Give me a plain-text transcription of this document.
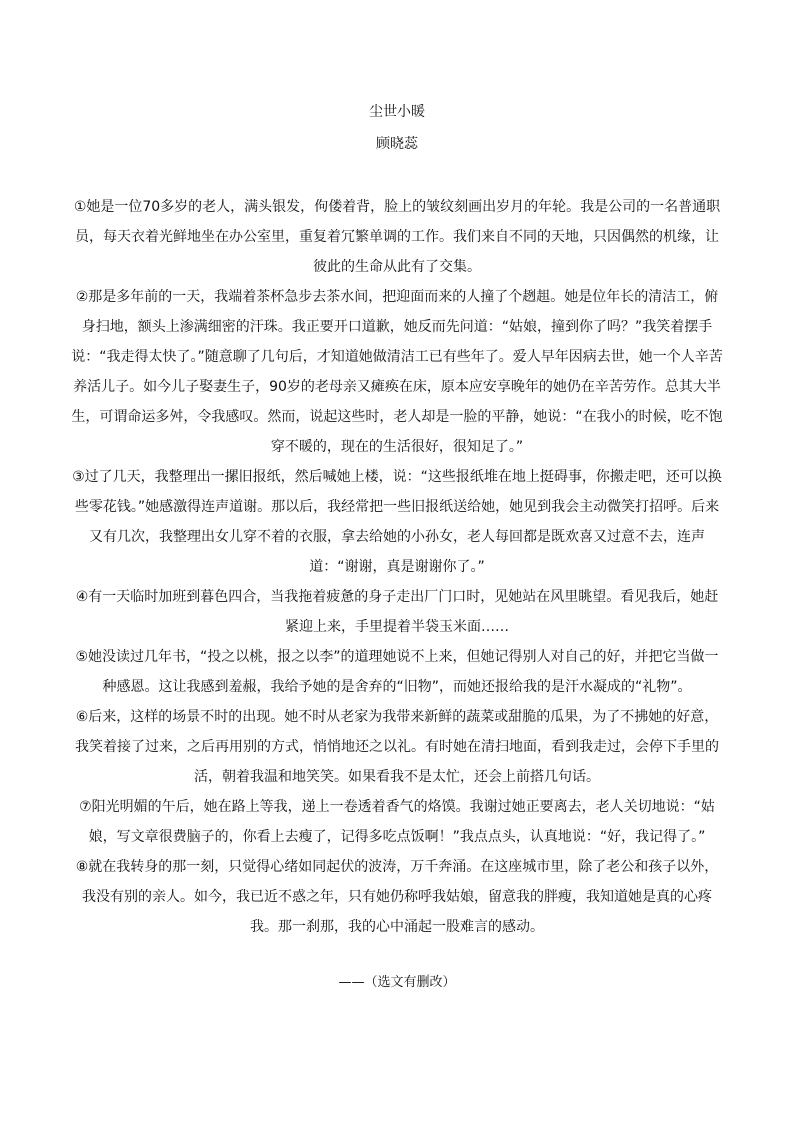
尘世小暖
顾晓蕊

①她是一位70多岁的老人，满头银发，佝偻着背，脸上的皱纹刻画出岁月的年轮。我是公司的一名普通职员，每天衣着光鲜地坐在办公室里，重复着冗繁单调的工作。我们来自不同的天地，只因偶然的机缘，让彼此的生命从此有了交集。

②那是多年前的一天，我端着茶杯急步去茶水间，把迎面而来的人撞了个趔趄。她是位年长的清洁工，俯身扫地，额头上渗满细密的汗珠。我正要开口道歉，她反而先问道：“姑娘，撞到你了吗？”我笑着摆手说：“我走得太快了。”随意聊了几句后，才知道她做清洁工已有些年了。爱人早年因病去世，她一个人辛苦养活儿子。如今儿子娶妻生子，90岁的老母亲又瘫痪在床，原本应安享晚年的她仍在辛苦劳作。总其大半生，可谓命运多舛，令我感叹。然而，说起这些时，老人却是一脸的平静，她说：“在我小的时候，吃不饱穿不暖的，现在的生活很好，很知足了。”

③过了几天，我整理出一摞旧报纸，然后喊她上楼，说：“这些报纸堆在地上挺碍事，你搬走吧，还可以换些零花钱。”她感激得连声道谢。那以后，我经常把一些旧报纸送给她，她见到我会主动微笑打招呼。后来又有几次，我整理出女儿穿不着的衣服，拿去给她的小孙女，老人每回都是既欢喜又过意不去，连声道：“谢谢，真是谢谢你了。”

④有一天临时加班到暮色四合，当我拖着疲惫的身子走出厂门口时，见她站在风里眺望。看见我后，她赶紧迎上来，手里提着半袋玉米面……

⑤她没读过几年书，“投之以桃，报之以李”的道理她说不上来，但她记得别人对自己的好，并把它当做一种感恩。这让我感到羞赧，我给予她的是舍弃的“旧物”，而她还报给我的是汗水凝成的“礼物”。

⑥后来，这样的场景不时的出现。她不时从老家为我带来新鲜的蔬菜或甜脆的瓜果，为了不拂她的好意，我笑着接了过来，之后再用别的方式，悄悄地还之以礼。有时她在清扫地面，看到我走过，会停下手里的活，朝着我温和地笑笑。如果看我不是太忙，还会上前搭几句话。

⑦阳光明媚的午后，她在路上等我，递上一卷透着香气的烙馍。我谢过她正要离去，老人关切地说：“姑娘，写文章很费脑子的，你看上去瘦了，记得多吃点饭啊！”我点点头，认真地说：“好，我记得了。”

⑧就在我转身的那一刻，只觉得心绪如同起伏的波涛，万千奔涌。在这座城市里，除了老公和孩子以外，我没有别的亲人。如今，我已近不惑之年，只有她仍称呼我姑娘，留意我的胖瘦，我知道她是真的心疼我。那一刹那，我的心中涌起一股难言的感动。

——（选文有删改）
